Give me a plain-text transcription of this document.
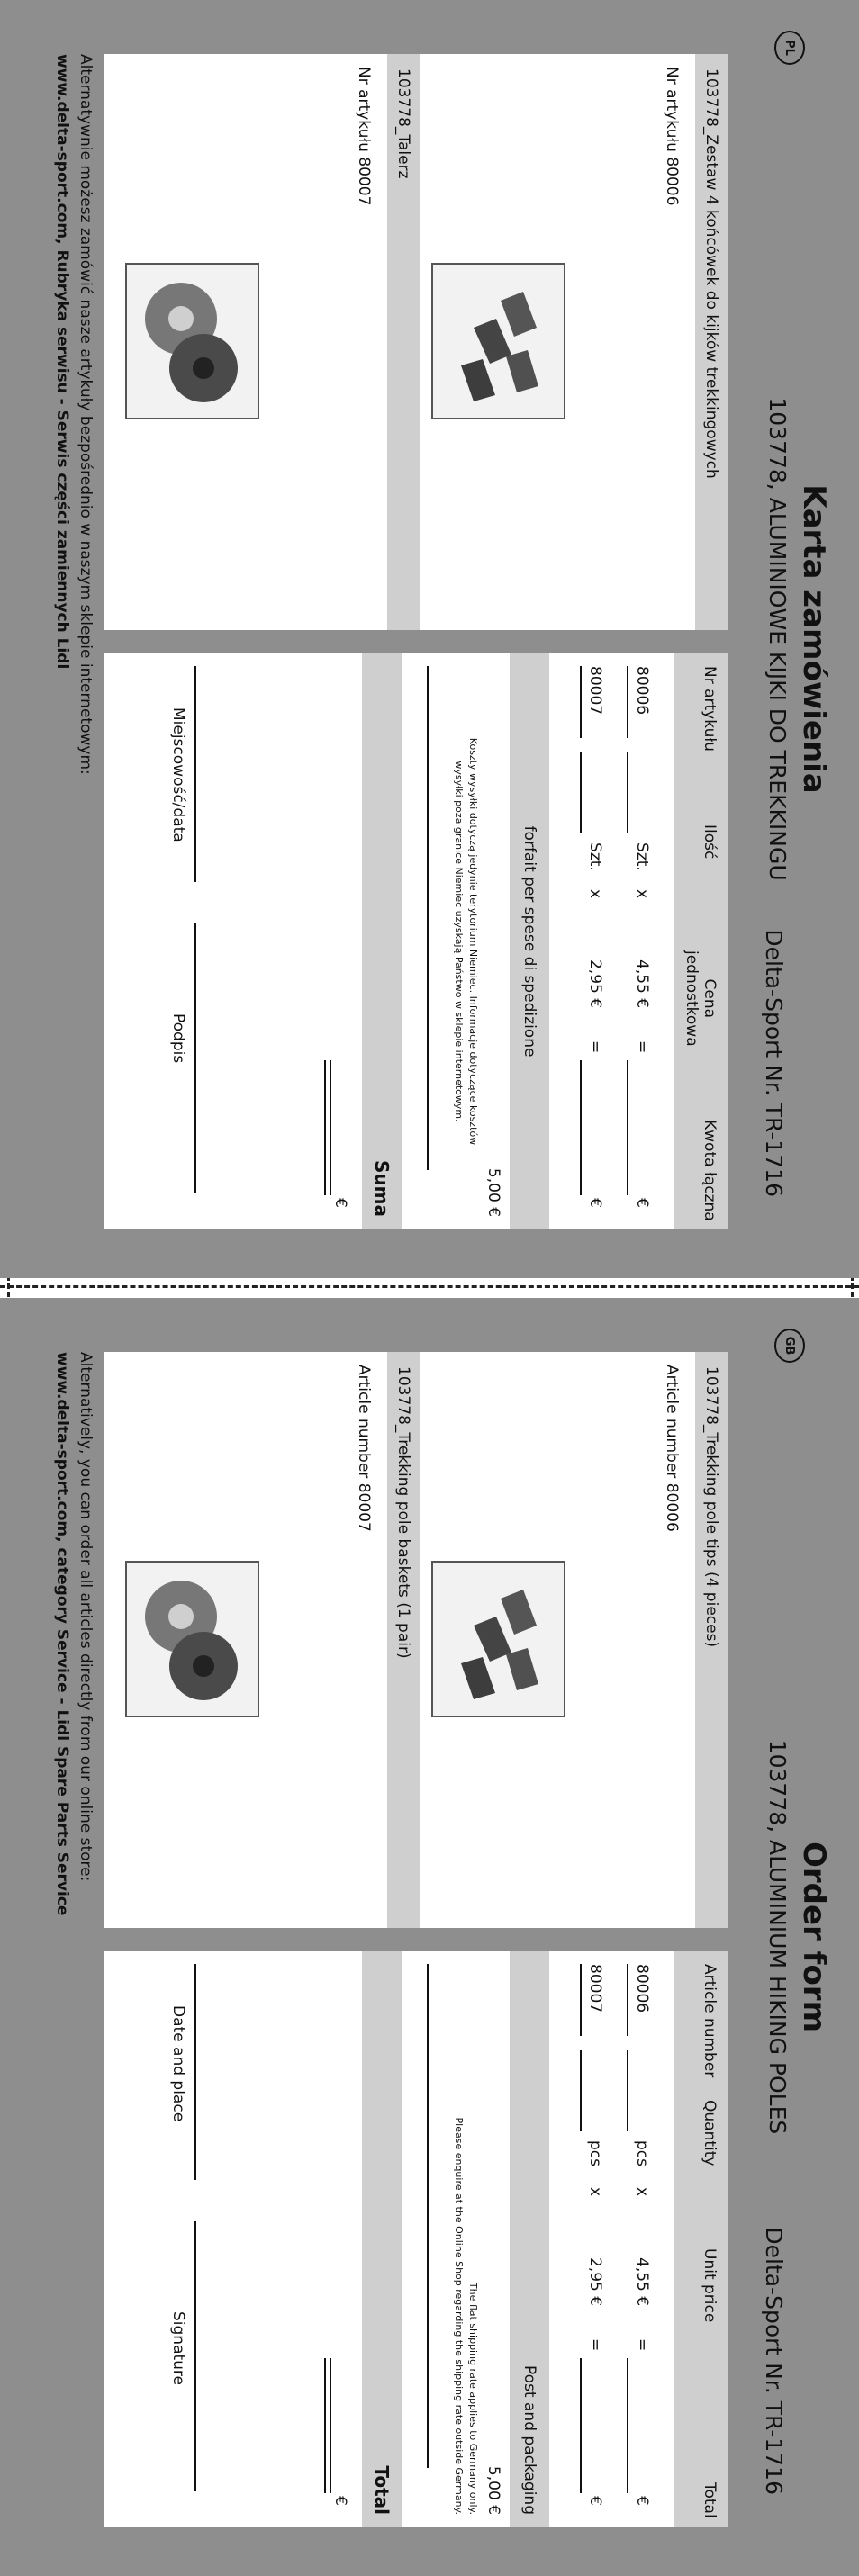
PL
Karta zamówienia
103778, ALUMINIOWE KIJKI DO TREKKINGU
Delta-Sport Nr. TR-1716
103778_Zestaw 4 końcówek do kijków trekkingowych
Nr artykułu 80006
103778_Talerz
Nr artykułu 80007
Nr artykułu
Ilość
Cena
jednostkowa
Kwota łączna
80006
Szt.
x
4,55 €
=
€
80007
Szt.
x
2,95 €
=
€
forfait per spese di spedizione
5,00 €
Koszty wysyłki dotyczą jedynie terytorium Niemiec. Informacje dotyczące kosztów
wysyłki poza granice Niemiec uzyskają Państwo w sklepie internetowym.
Suma
€
Miejscowość/data
Podpis
Alternatywnie możesz zamówić nasze artykuły bezpośrednio w naszym sklepie internetowym:
www.delta-sport.com, Rubryka serwisu - Serwis części zamiennych Lidl
GB
Order form
103778, ALUMINIUM HIKING POLES
Delta-Sport Nr. TR-1716
103778_Trekking pole tips (4 pieces)
Article number 80006
103778_Trekking pole baskets (1 pair)
Article number 80007
Article number
Quantity
Unit price
Total
80006
pcs
x
4,55 €
=
€
80007
pcs
x
2,95 €
=
€
Post and packaging
5,00 €
The flat shipping rate applies to Germany only.
Please enquire at the Online Shop regarding the shipping rate outside Germany.
Total
€
Date and place
Signature
Alternatively, you can order all articles directly from our online store:
www.delta-sport.com, category Service - Lidl Spare Parts Service
